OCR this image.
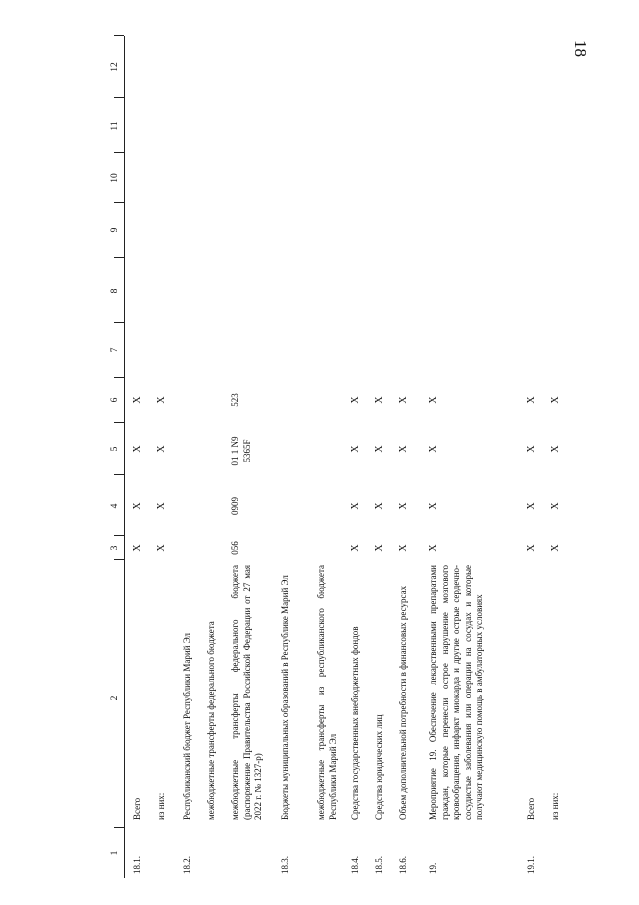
18
1
2
3
4
5
6
7
8
9
10
11
12
18.1.
Всего
X
X
X
X
из них:
X
X
X
X
18.2.
Республиканский бюджет Республики Марий Эл межбюджетные трансферты федерального бюджета межбюджетные трансферты федерального бюджета (распоряжение Правительства Российской Федерации от 27 мая 2022 г. № 1327-р)
056
0909
01 1 N9 5365F
523
18.3.
Бюджеты муниципальных образований в Республике Марий Эл	межбюджетные трансферты из республиканского бюджета Республики Марий Эл
18.4.
Средства государственных внебюджетных фондов
X
X
X
X
18.5.
Средства юридических лиц
X
X
X
X
18.6.
Объем дополнительной потребности в финансовых ресурсах
X
X
X
X
19.
Мероприятие 19. Обеспечение лекарственными препаратами граждан, которые перенесли острое нарушение мозгового кровообращения, инфаркт миокарда и другие острые сердечно-сосудистые заболевания или операции на сосудах и которые получают медицинскую помощь в амбулаторных условиях
X
X
X
X
19.1.
Всего
X
X
X
X
из них:
X
X
X
X
